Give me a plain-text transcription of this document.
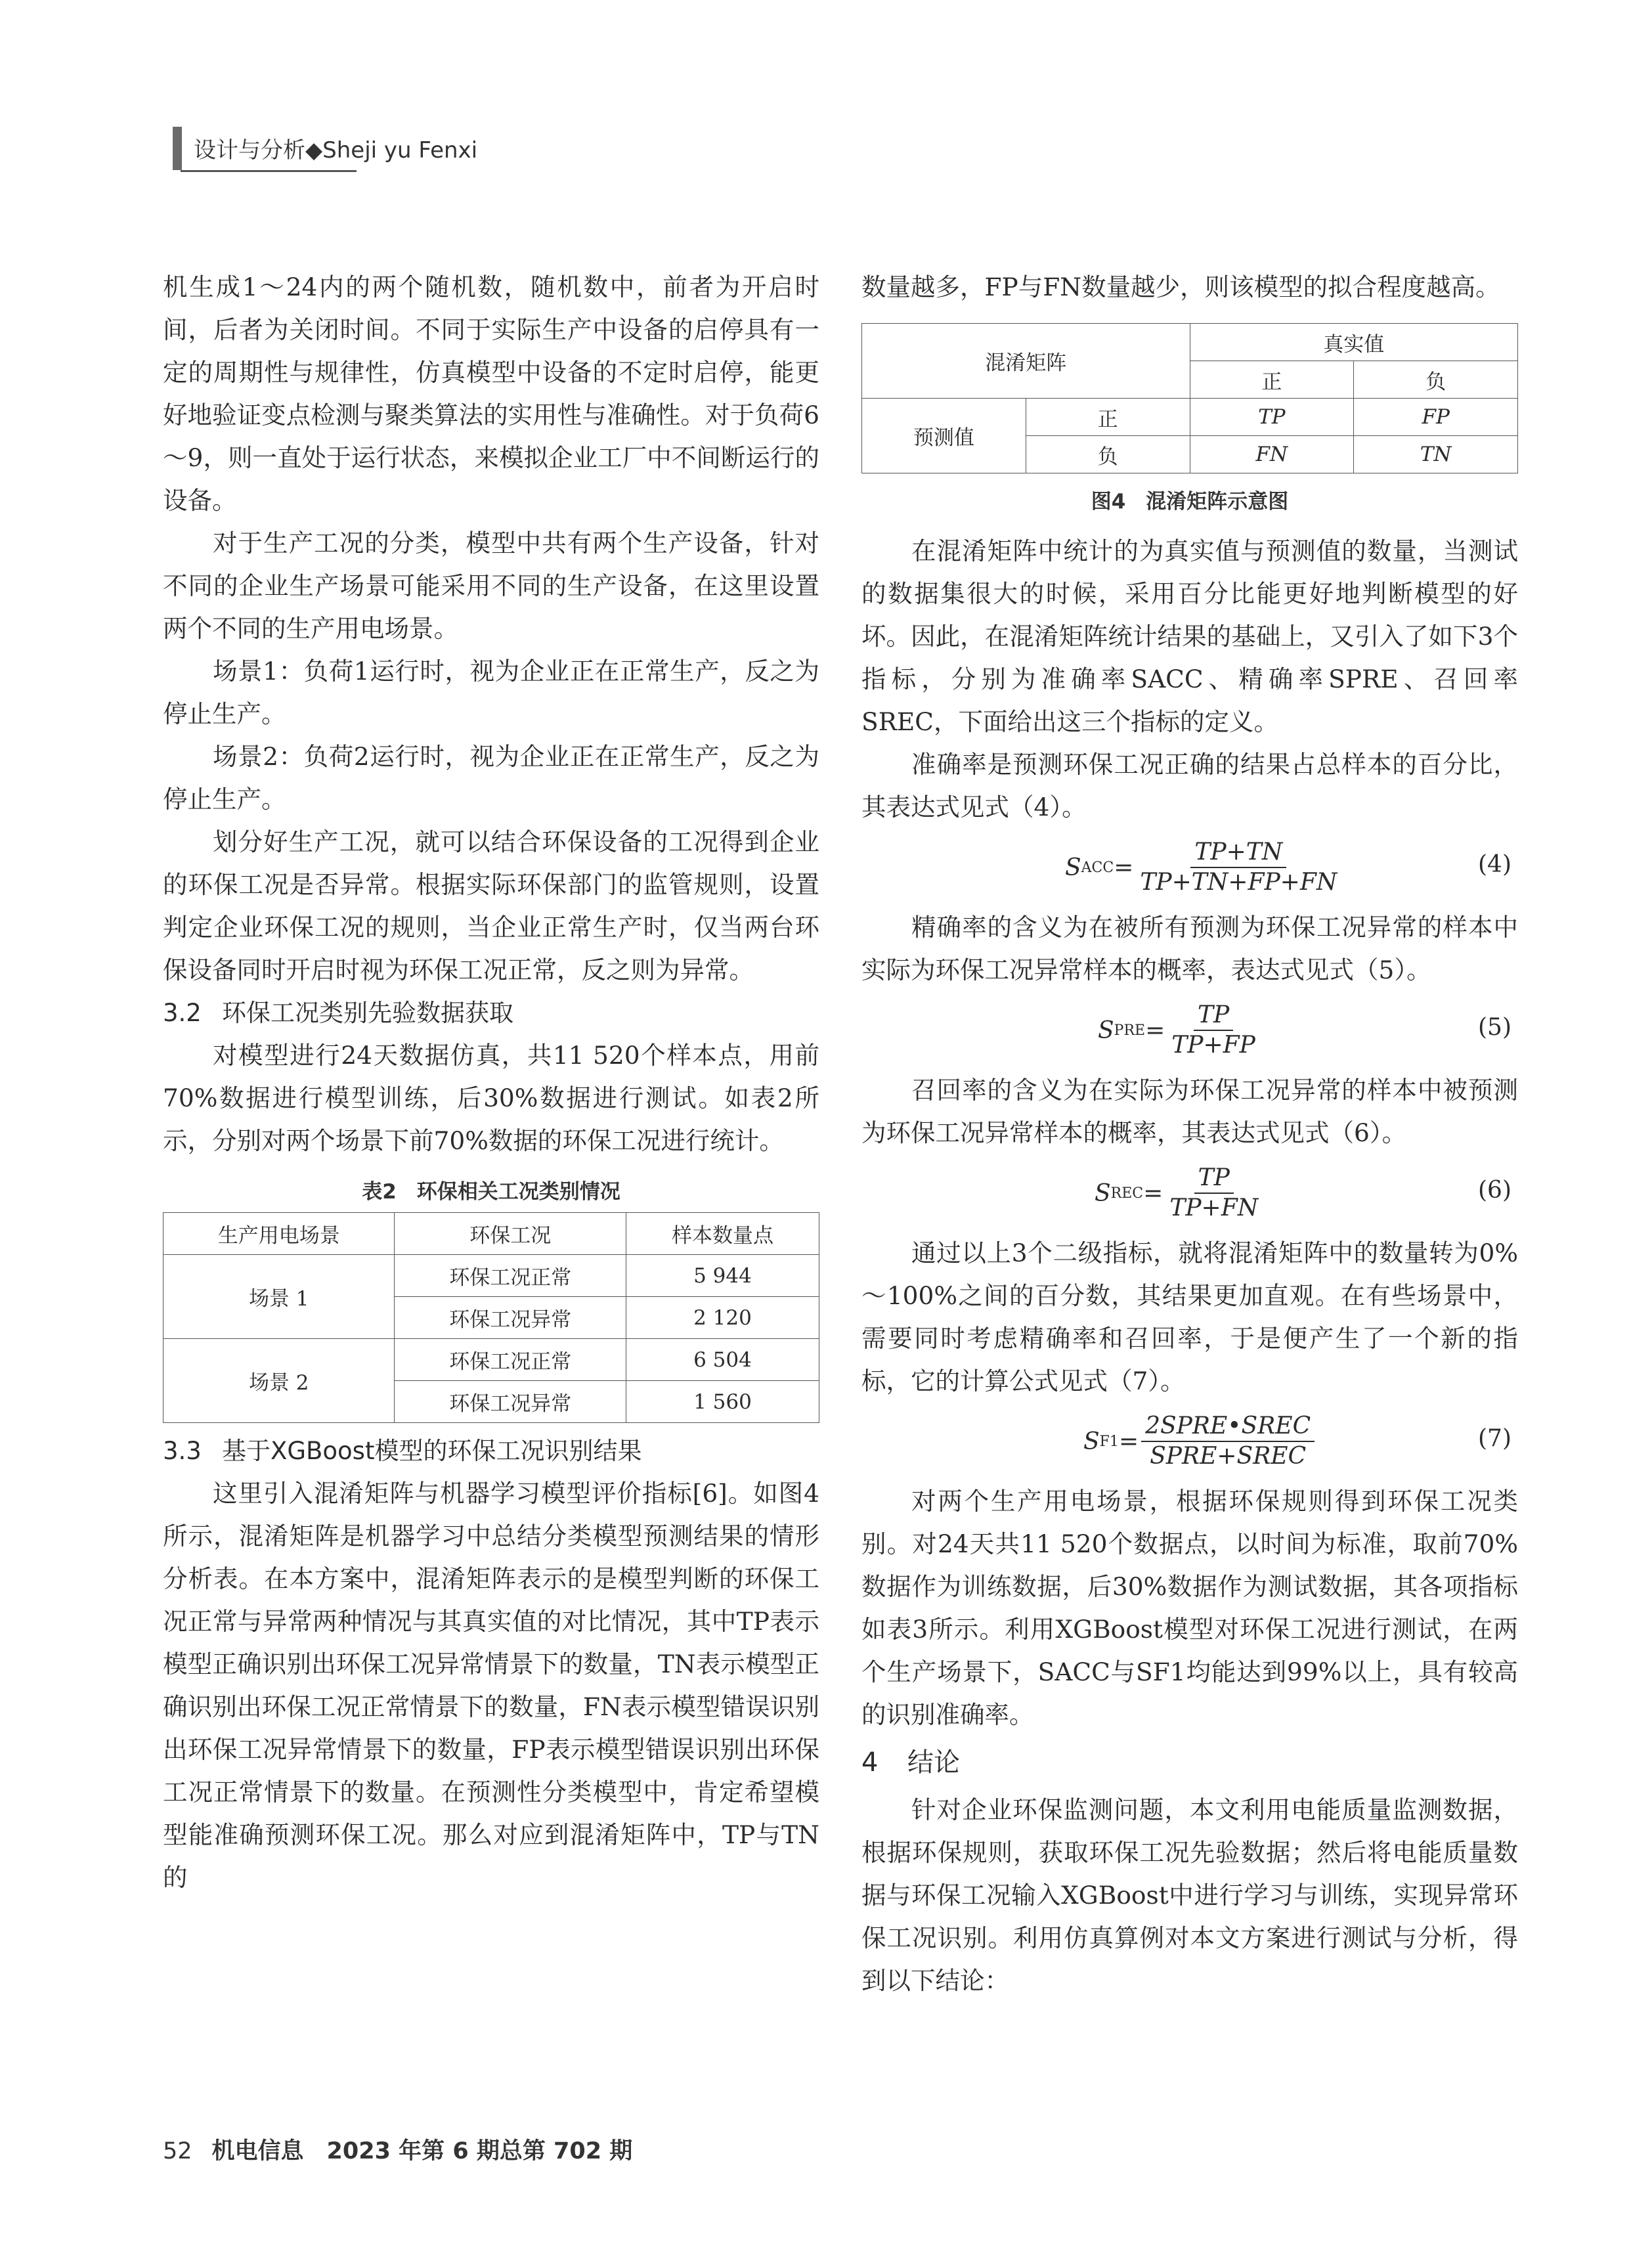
设计与分析◆Sheji yu Fenxi

机生成1～24内的两个随机数，随机数中，前者为开启时间，后者为关闭时间。不同于实际生产中设备的启停具有一定的周期性与规律性，仿真模型中设备的不定时启停，能更好地验证变点检测与聚类算法的实用性与准确性。对于负荷6～9，则一直处于运行状态，来模拟企业工厂中不间断运行的设备。

对于生产工况的分类，模型中共有两个生产设备，针对不同的企业生产场景可能采用不同的生产设备，在这里设置两个不同的生产用电场景。

场景1：负荷1运行时，视为企业正在正常生产，反之为停止生产。

场景2：负荷2运行时，视为企业正在正常生产，反之为停止生产。

划分好生产工况，就可以结合环保设备的工况得到企业的环保工况是否异常。根据实际环保部门的监管规则，设置判定企业环保工况的规则，当企业正常生产时，仅当两台环保设备同时开启时视为环保工况正常，反之则为异常。

3.2 环保工况类别先验数据获取

对模型进行24天数据仿真，共11 520个样本点，用前70%数据进行模型训练，后30%数据进行测试。如表2所示，分别对两个场景下前70%数据的环保工况进行统计。

表2　环保相关工况类别情况
生产用电场景	环保工况	样本数量点
场景 1	环保工况正常	5 944
	环保工况异常	2 120
场景 2	环保工况正常	6 504
	环保工况异常	1 560
3.3 基于XGBoost模型的环保工况识别结果

这里引入混淆矩阵与机器学习模型评价指标[6]。如图4所示，混淆矩阵是机器学习中总结分类模型预测结果的情形分析表。在本方案中，混淆矩阵表示的是模型判断的环保工况正常与异常两种情况与其真实值的对比情况，其中TP表示模型正确识别出环保工况异常情景下的数量，TN表示模型正确识别出环保工况正常情景下的数量，FN表示模型错误识别出环保工况异常情景下的数量，FP表示模型错误识别出环保工况正常情景下的数量。在预测性分类模型中，肯定希望模型能准确预测环保工况。那么对应到混淆矩阵中，TP与TN的

数量越多，FP与FN数量越少，则该模型的拟合程度越高。

混淆矩阵		真实值	
		正	负
预测值	正	TP	FP
	负	FN	TN
图4　混淆矩阵示意图

在混淆矩阵中统计的为真实值与预测值的数量，当测试的数据集很大的时候，采用百分比能更好地判断模型的好坏。因此，在混淆矩阵统计结果的基础上，又引入了如下3个指标，分别为准确率SACC、精确率SPRE、召回率SREC，下面给出这三个指标的定义。

准确率是预测环保工况正确的结果占总样本的百分比，其表达式见式（4）。

S ACC = $\frac{TP+TN}{TP+TN+FP+FN}$	(4)

精确率的含义为在被所有预测为环保工况异常的样本中实际为环保工况异常样本的概率，表达式见式（5）。

S PRE = $\frac{TP}{TP+FP}$	(5)

召回率的含义为在实际为环保工况异常的样本中被预测为环保工况异常样本的概率，其表达式见式（6）。

S REC = $\frac{TP}{TP+FN}$	(6)

通过以上3个二级指标，就将混淆矩阵中的数量转为0%～100%之间的百分数，其结果更加直观。在有些场景中，需要同时考虑精确率和召回率，于是便产生了一个新的指标，它的计算公式见式（7）。

S $F1 = \frac{\text{2SPRE•SREC}}{\text{SPRE+SREC}}$	(7)

对两个生产用电场景，根据环保规则得到环保工况类别。对24天共11 520个数据点，以时间为标准，取前70%数据作为训练数据，后30%数据作为测试数据，其各项指标如表3所示。利用XGBoost模型对环保工况进行测试，在两个生产场景下，SACC与SF1均能达到99%以上，具有较高的识别准确率。

4 结论

针对企业环保监测问题，本文利用电能质量监测数据，根据环保规则，获取环保工况先验数据；然后将电能质量数据与环保工况输入XGBoost中进行学习与训练，实现异常环保工况识别。利用仿真算例对本文方案进行测试与分析，得到以下结论：

52 机电信息　2023 年第 6 期总第 702 期
